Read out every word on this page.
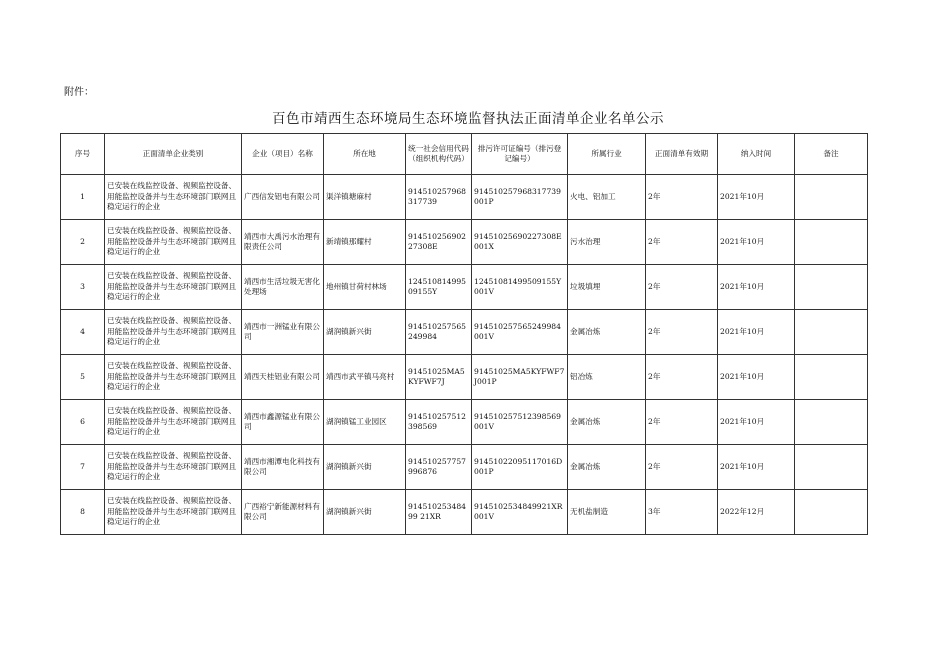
附件：
百色市靖西生态环境局生态环境监督执法正面清单企业名单公示
序号	正面清单企业类别	企业（项目）名称	所在地	统一社会信用代码（组织机构代码）	排污许可证编号（排污登记编号）	所属行业	正面清单有效期	纳入时间	备注
1	已安装在线监控设备、视频监控设备、用能监控设备并与生态环境部门联网且稳定运行的企业	广西信发铝电有限公司	渠洋镇塘麻村	914510257968317739	9145102579683177390​01P	火电、铝加工	2年	2021年10月	
2	已安装在线监控设备、视频监控设备、用能监控设备并与生态环境部门联网且稳定运行的企业	靖西市大禹污水治理有限责任公司	新靖镇那耀村	91451025690227308E	91451025690227308E001X	污水治理	2年	2021年10月	
3	已安装在线监控设备、视频监控设备、用能监控设备并与生态环境部门联网且稳定运行的企业	靖西市生活垃圾无害化处理场	地州镇甘荷村林场	12451081499509155Y	12451081499509155Y001V	垃圾填埋	2年	2021年10月	
4	已安装在线监控设备、视频监控设备、用能监控设备并与生态环境部门联网且稳定运行的企业	靖西市一洲锰业有限公司	湖润镇新兴街	914510257565249984	914510257565249984001V	金属冶炼	2年	2021年10月	
5	已安装在线监控设备、视频监控设备、用能监控设备并与生态环境部门联网且稳定运行的企业	靖西天桂铝业有限公司	靖西市武平镇马亮村	91451025MA5KYFWF7J	91451025MA5KYFWF7J001P	铝冶炼	2年	2021年10月	
6	已安装在线监控设备、视频监控设备、用能监控设备并与生态环境部门联网且稳定运行的企业	靖西市鑫源锰业有限公司	湖润镇锰工业园区	914510257512398569	914510257512398569001V	金属冶炼	2年	2021年10月	
7	已安装在线监控设备、视频监控设备、用能监控设备并与生态环境部门联网且稳定运行的企业	靖西市湘潭电化科技有限公司	湖润镇新兴街	914510257757996876	91451022095117016D001P	金属冶炼	2年	2021年10月	
8	已安装在线监控设备、视频监控设备、用能监控设备并与生态环境部门联网且稳定运行的企业	广西裕宁新能源材料有限公司	湖润镇新兴街	91451025348499 21XR	9145102534849921XR001V	无机盐制造	3年	2022年12月	
